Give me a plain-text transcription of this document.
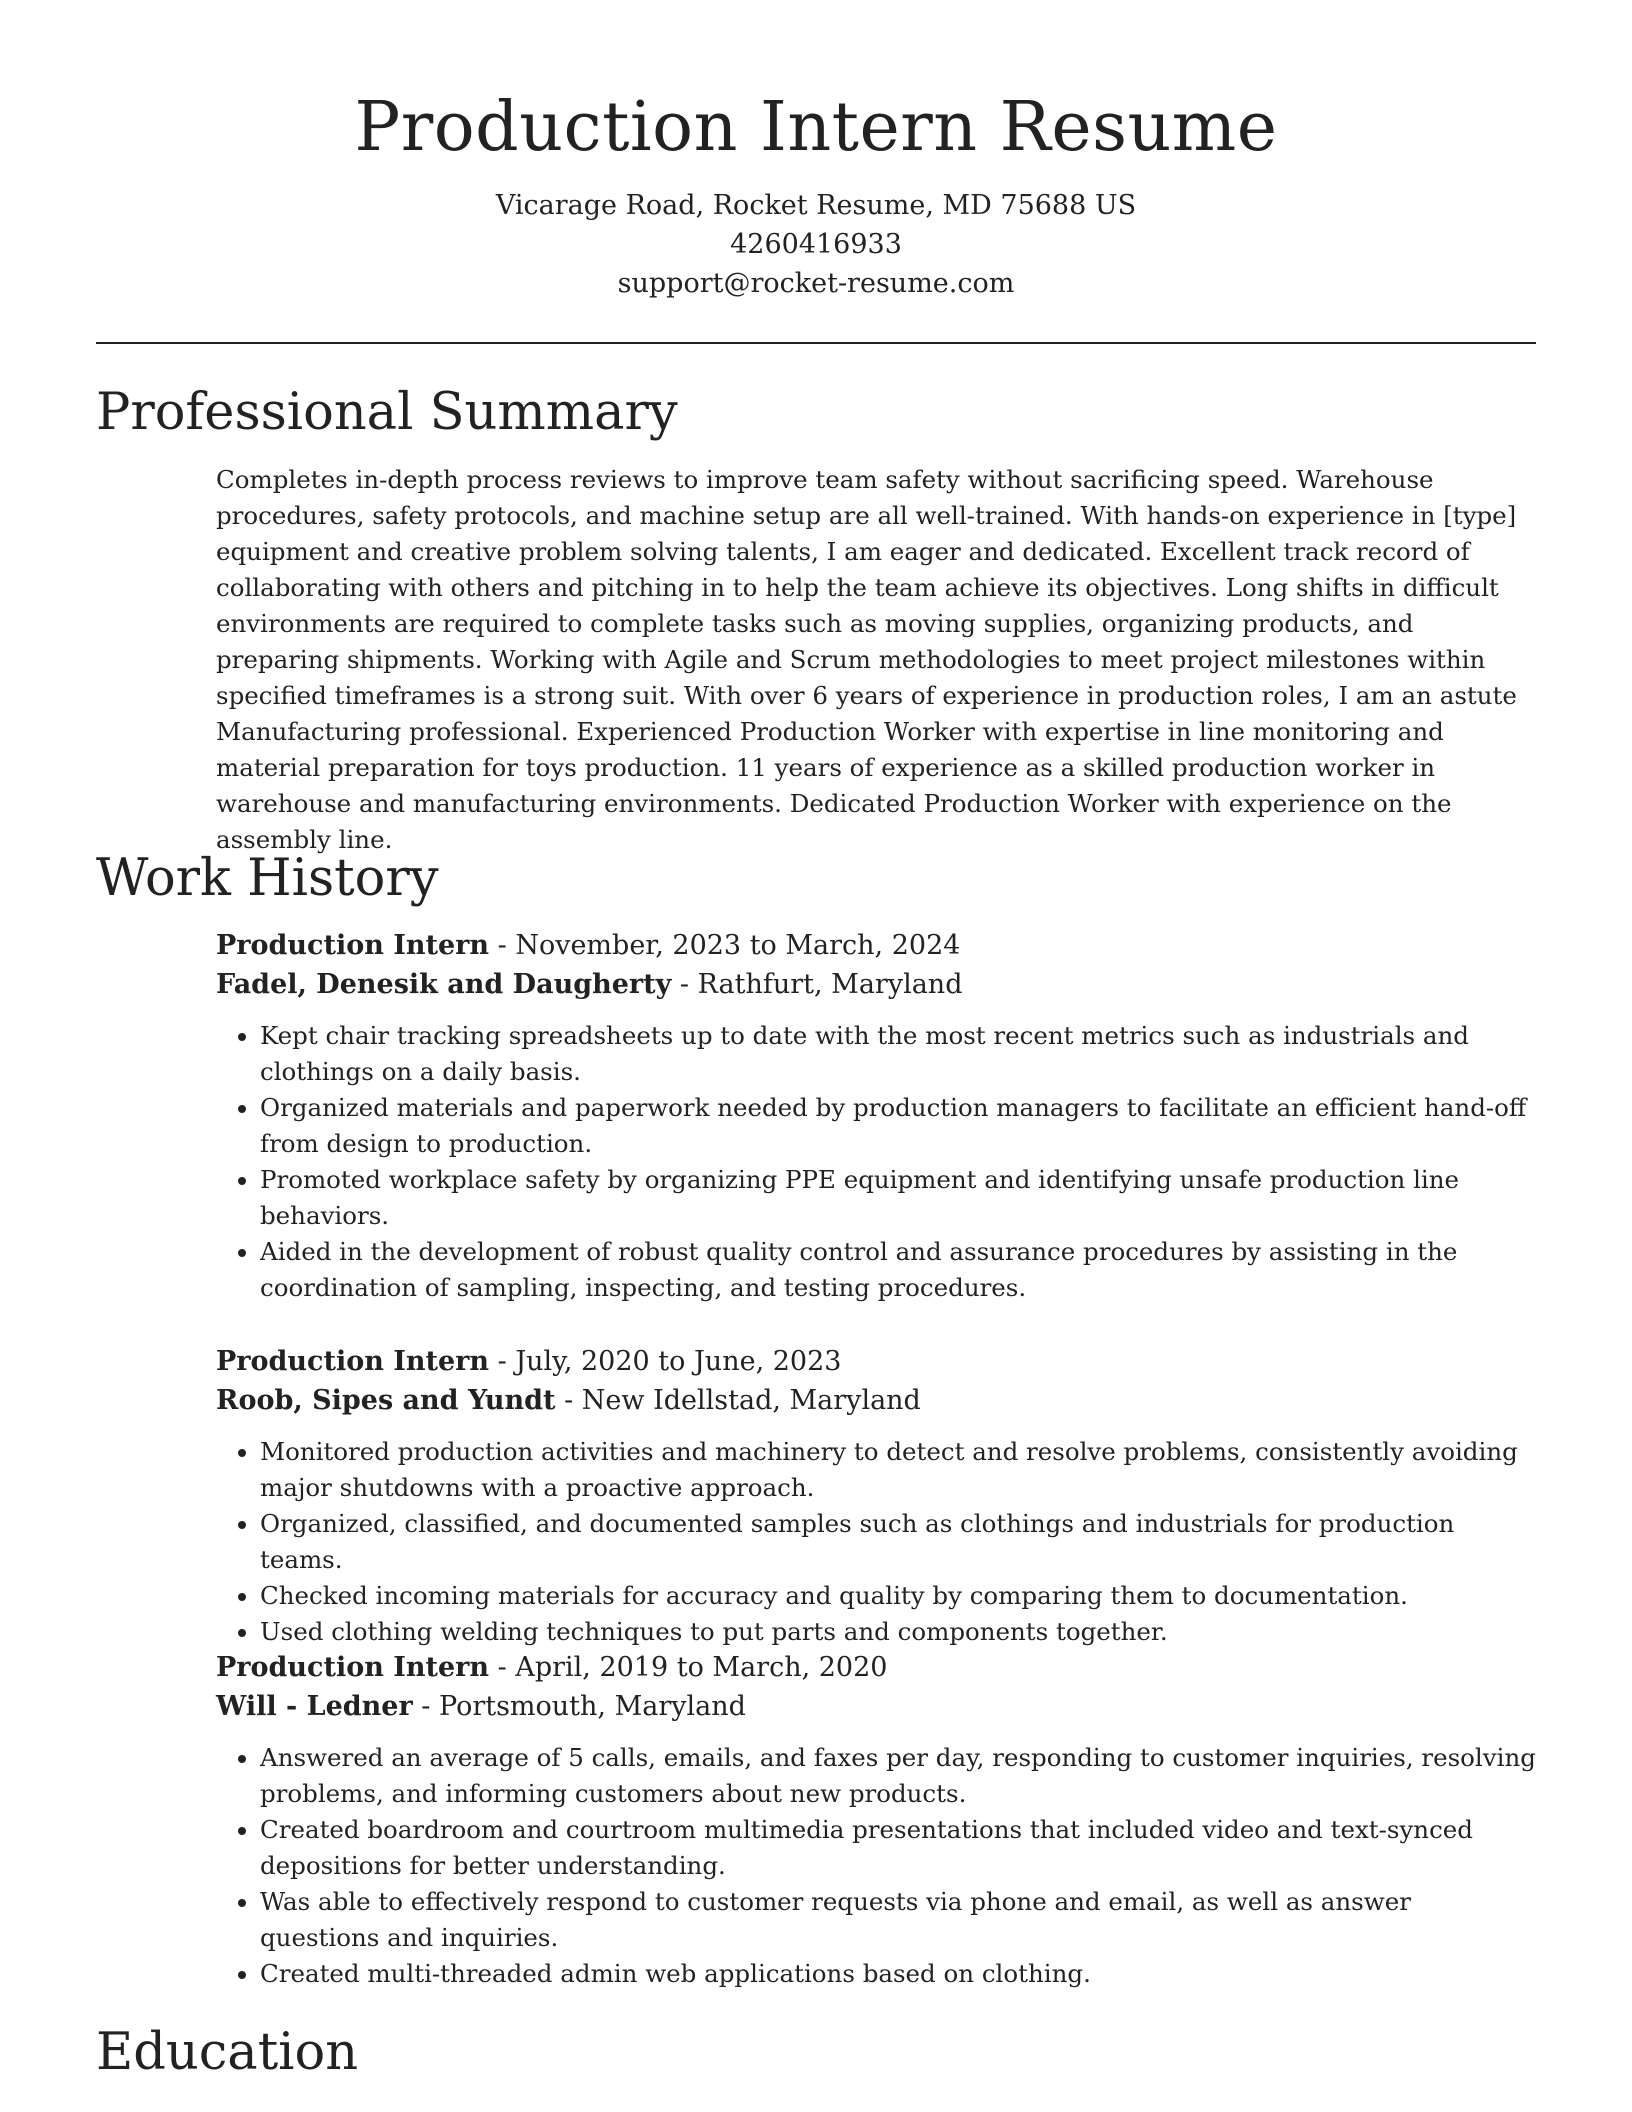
Production Intern Resume
Vicarage Road, Rocket Resume, MD 75688 US
4260416933
support@rocket-resume.com
Professional Summary
Completes in-depth process reviews to improve team safety without sacrificing speed. Warehouse procedures, safety protocols, and machine setup are all well-trained. With hands-on experience in [type] equipment and creative problem solving talents, I am eager and dedicated. Excellent track record of collaborating with others and pitching in to help the team achieve its objectives. Long shifts in difficult environments are required to complete tasks such as moving supplies, organizing products, and preparing shipments. Working with Agile and Scrum methodologies to meet project milestones within specified timeframes is a strong suit. With over 6 years of experience in production roles, I am an astute Manufacturing professional. Experienced Production Worker with expertise in line monitoring and material preparation for toys production. 11 years of experience as a skilled production worker in warehouse and manufacturing environments. Dedicated Production Worker with experience on the assembly line.
Work History
Production Intern - November, 2023 to March, 2024
Fadel, Denesik and Daugherty - Rathfurt, Maryland
• Kept chair tracking spreadsheets up to date with the most recent metrics such as industrials and clothings on a daily basis.
• Organized materials and paperwork needed by production managers to facilitate an efficient hand-off from design to production.
• Promoted workplace safety by organizing PPE equipment and identifying unsafe production line behaviors.
• Aided in the development of robust quality control and assurance procedures by assisting in the coordination of sampling, inspecting, and testing procedures.
Production Intern - July, 2020 to June, 2023
Roob, Sipes and Yundt - New Idellstad, Maryland
• Monitored production activities and machinery to detect and resolve problems, consistently avoiding major shutdowns with a proactive approach.
• Organized, classified, and documented samples such as clothings and industrials for production teams.
• Checked incoming materials for accuracy and quality by comparing them to documentation.
• Used clothing welding techniques to put parts and components together.
Production Intern - April, 2019 to March, 2020
Will - Ledner - Portsmouth, Maryland
• Answered an average of 5 calls, emails, and faxes per day, responding to customer inquiries, resolving problems, and informing customers about new products.
• Created boardroom and courtroom multimedia presentations that included video and text-synced depositions for better understanding.
• Was able to effectively respond to customer requests via phone and email, as well as answer questions and inquiries.
• Created multi-threaded admin web applications based on clothing.
Education
